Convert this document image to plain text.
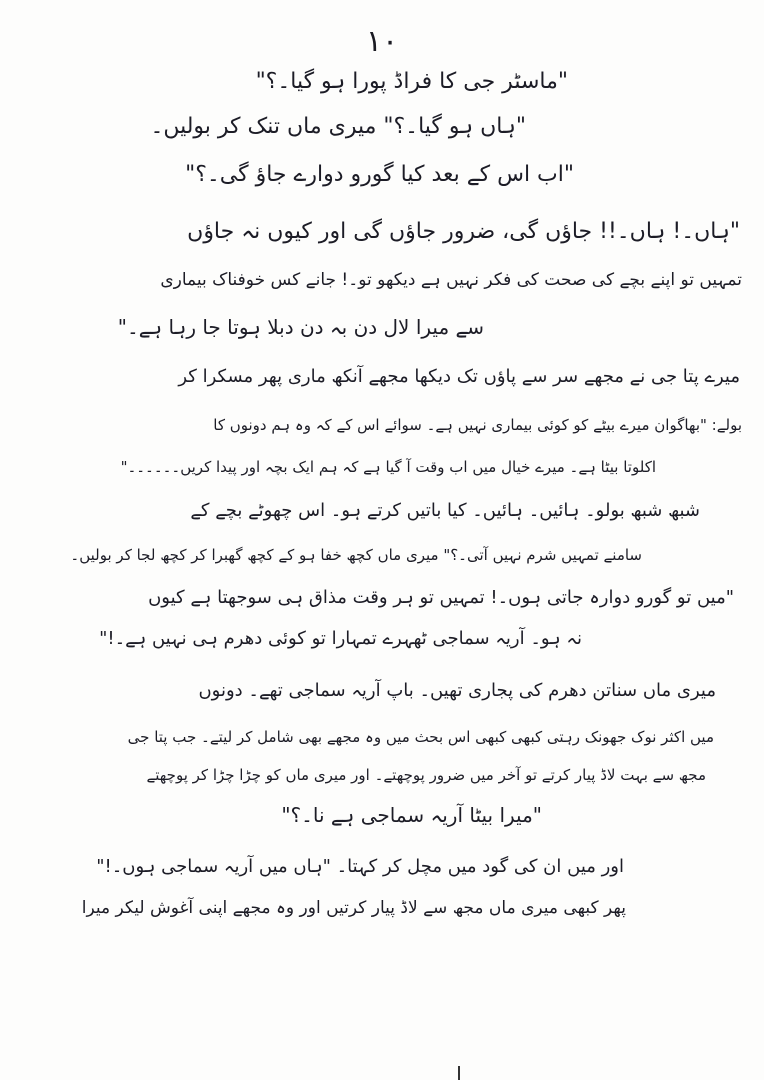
١٠
"ماسٹر جی کا فراڈ پورا ہو گیا۔؟"
"ہاں ہو گیا۔؟" میری ماں تنک کر بولیں۔
"اب اس کے بعد کیا گورو دوارے جاؤ گی۔؟"
"ہاں۔! ہاں۔!! جاؤں گی، ضرور جاؤں گی اور کیوں نہ جاؤں
تمہیں تو اپنے بچے کی صحت کی فکر نہیں ہے دیکھو تو۔! جانے کس خوفناک بیماری
سے میرا لال دن بہ دن دبلا ہوتا جا رہا ہے۔"
میرے پتا جی نے مجھے سر سے پاؤں تک دیکھا مجھے آنکھ ماری پھر مسکرا کر
بولے: "بھاگوان میرے بیٹے کو کوئی بیماری نہیں ہے۔ سوائے اس کے کہ وہ ہم دونوں کا
اکلوتا بیٹا ہے۔ میرے خیال میں اب وقت آ گیا ہے کہ ہم ایک بچہ اور پیدا کریں۔۔۔۔۔۔"
شبھ شبھ بولو۔ ہائیں۔ ہائیں۔ کیا باتیں کرتے ہو۔ اس چھوٹے بچے کے
سامنے تمہیں شرم نہیں آتی۔؟" میری ماں کچھ خفا ہو کے کچھ گھبرا کر کچھ لجا کر بولیں۔
"میں تو گورو دوارہ جاتی ہوں۔! تمہیں تو ہر وقت مذاق ہی سوجھتا ہے کیوں
نہ ہو۔ آریہ سماجی ٹھہرے تمہارا تو کوئی دھرم ہی نہیں ہے۔!"
میری ماں سناتن دھرم کی پجاری تھیں۔ باپ آریہ سماجی تھے۔ دونوں
میں اکثر نوک جھونک رہتی کبھی کبھی اس بحث میں وہ مجھے بھی شامل کر لیتے۔ جب پتا جی
مجھ سے بہت لاڈ پیار کرتے تو آخر میں ضرور پوچھتے۔ اور میری ماں کو چڑا چڑا کر پوچھتے
"میرا بیٹا آریہ سماجی ہے نا۔؟"
اور میں ان کی گود میں مچل کر کہتا۔ "ہاں میں آریہ سماجی ہوں۔!"
پھر کبھی میری ماں مجھ سے لاڈ پیار کرتیں اور وہ مجھے اپنی آغوش لیکر میرا
